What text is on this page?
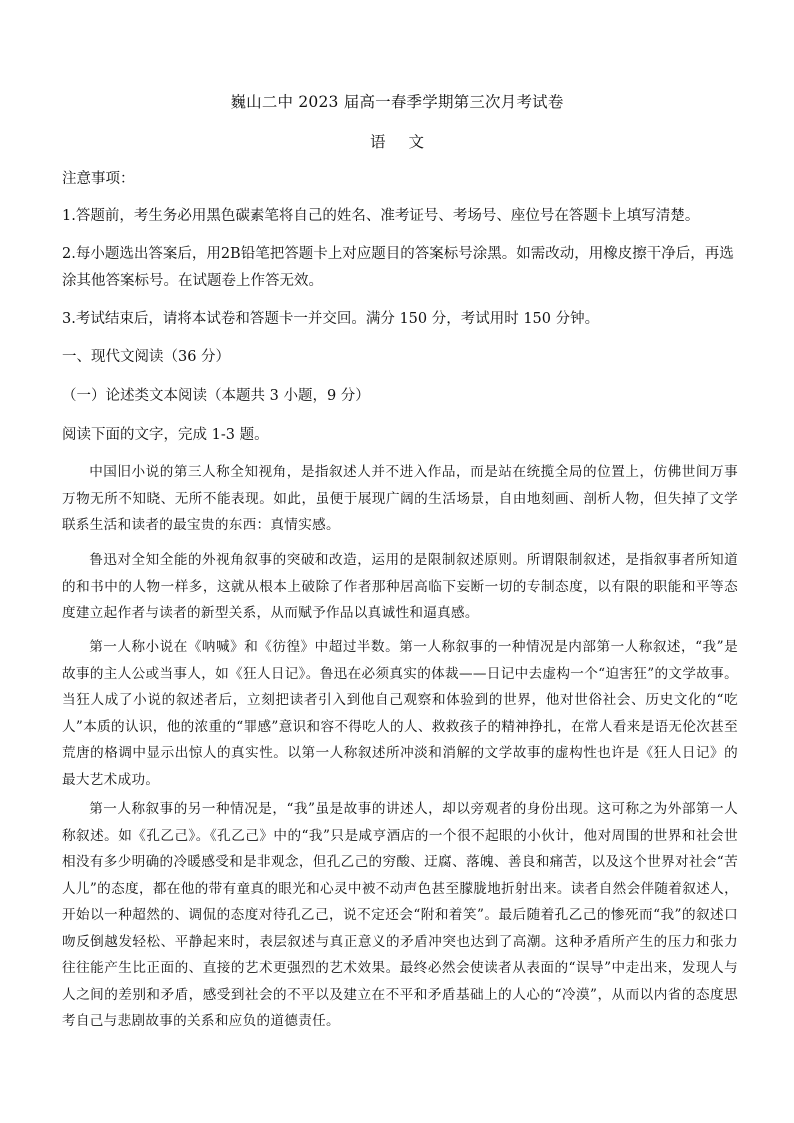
巍山二中 2023 届高一春季学期第三次月考试卷
语 文
注意事项：
1.答题前，考生务必用黑色碳素笔将自己的姓名、准考证号、考场号、座位号在答题卡上填写清楚。
2.每小题选出答案后，用2B铅笔把答题卡上对应题目的答案标号涂黑。如需改动，用橡皮擦干净后，再选涂其他答案标号。在试题卷上作答无效。
3.考试结束后，请将本试卷和答题卡一并交回。满分 150 分，考试用时 150 分钟。
一、现代文阅读（36 分）
（一）论述类文本阅读（本题共 3 小题，9 分）
阅读下面的文字，完成 1-3 题。
中国旧小说的第三人称全知视角，是指叙述人并不进入作品，而是站在统揽全局的位置上，仿佛世间万事万物无所不知晓、无所不能表现。如此，虽便于展现广阔的生活场景，自由地刻画、剖析人物，但失掉了文学联系生活和读者的最宝贵的东西：真情实感。
鲁迅对全知全能的外视角叙事的突破和改造，运用的是限制叙述原则。所谓限制叙述，是指叙事者所知道的和书中的人物一样多，这就从根本上破除了作者那种居高临下妄断一切的专制态度，以有限的职能和平等态度建立起作者与读者的新型关系，从而赋予作品以真诚性和逼真感。
第一人称小说在《呐喊》和《彷徨》中超过半数。第一人称叙事的一种情况是内部第一人称叙述，“我”是故事的主人公或当事人，如《狂人日记》。鲁迅在必须真实的体裁——日记中去虚构一个“迫害狂”的文学故事。当狂人成了小说的叙述者后，立刻把读者引入到他自己观察和体验到的世界，他对世俗社会、历史文化的“吃人”本质的认识，他的浓重的“罪感”意识和容不得吃人的人、救救孩子的精神挣扎，在常人看来是语无伦次甚至荒唐的格调中显示出惊人的真实性。以第一人称叙述所冲淡和消解的文学故事的虚构性也许是《狂人日记》的最大艺术成功。
第一人称叙事的另一种情况是，“我”虽是故事的讲述人，却以旁观者的身份出现。这可称之为外部第一人称叙述。如《孔乙己》。《孔乙己》中的“我”只是咸亨酒店的一个很不起眼的小伙计，他对周围的世界和社会世相没有多少明确的冷暖感受和是非观念，但孔乙己的穷酸、迂腐、落魄、善良和痛苦，以及这个世界对社会“苦人儿”的态度，都在他的带有童真的眼光和心灵中被不动声色甚至朦胧地折射出来。读者自然会伴随着叙述人，开始以一种超然的、调侃的态度对待孔乙己，说不定还会“附和着笑”。最后随着孔乙己的惨死而“我”的叙述口吻反倒越发轻松、平静起来时，表层叙述与真正意义的矛盾冲突也达到了高潮。这种矛盾所产生的压力和张力往往能产生比正面的、直接的艺术更强烈的艺术效果。最终必然会使读者从表面的“误导”中走出来，发现人与人之间的差别和矛盾，感受到社会的不平以及建立在不平和矛盾基础上的人心的“冷漠”，从而以内省的态度思考自己与悲剧故事的关系和应负的道德责任。
